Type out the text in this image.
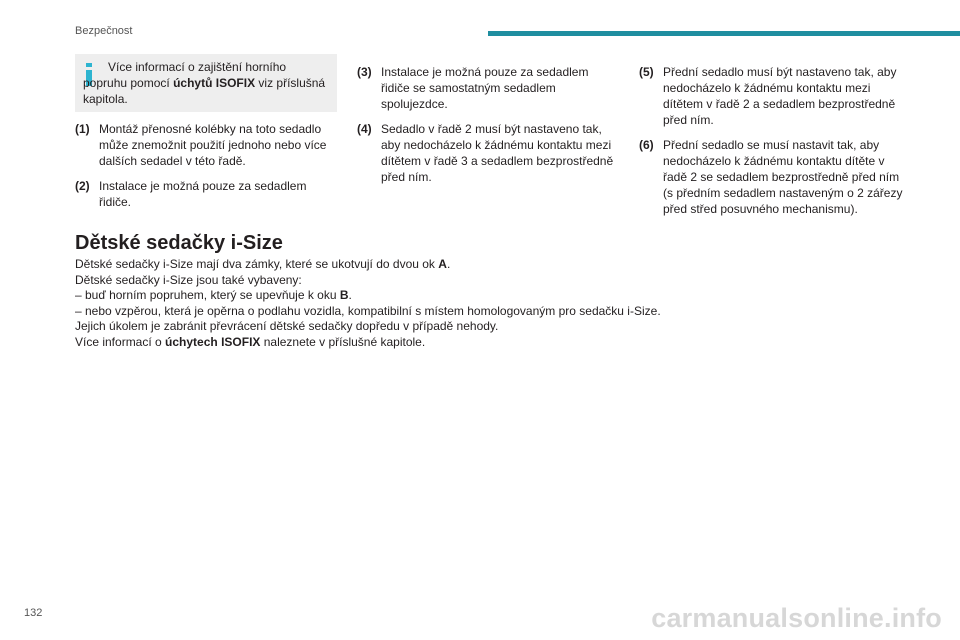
Bezpečnost
Více informací o zajištění horního popruhu pomocí úchytů ISOFIX viz příslušná kapitola.
(1) Montáž přenosné kolébky na toto sedadlo může znemožnit použití jednoho nebo více dalších sedadel v této řadě.
(2) Instalace je možná pouze za sedadlem řidiče.
(3) Instalace je možná pouze za sedadlem řidiče se samostatným sedadlem spolujezdce.
(4) Sedadlo v řadě 2 musí být nastaveno tak, aby nedocházelo k žádnému kontaktu mezi dítětem v řadě 3 a sedadlem bezprostředně před ním.
(5) Přední sedadlo musí být nastaveno tak, aby nedocházelo k žádnému kontaktu mezi dítětem v řadě 2 a sedadlem bezprostředně před ním.
(6) Přední sedadlo se musí nastavit tak, aby nedocházelo k žádnému kontaktu dítěte v řadě 2 se sedadlem bezprostředně před ním (s předním sedadlem nastaveným o 2 zářezy před střed posuvného mechanismu).
Dětské sedačky i-Size
Dětské sedačky i-Size mají dva zámky, které se ukotvují do dvou ok A.
Dětské sedačky i-Size jsou také vybaveny:
– buď horním popruhem, který se upevňuje k oku B.
– nebo vzpěrou, která je opěrna o podlahu vozidla, kompatibilní s místem homologovaným pro sedačku i-Size.
Jejich úkolem je zabránit převrácení dětské sedačky dopředu v případě nehody.
Více informací o úchytech ISOFIX naleznete v příslušné kapitole.
132	carmanualsonline.info
